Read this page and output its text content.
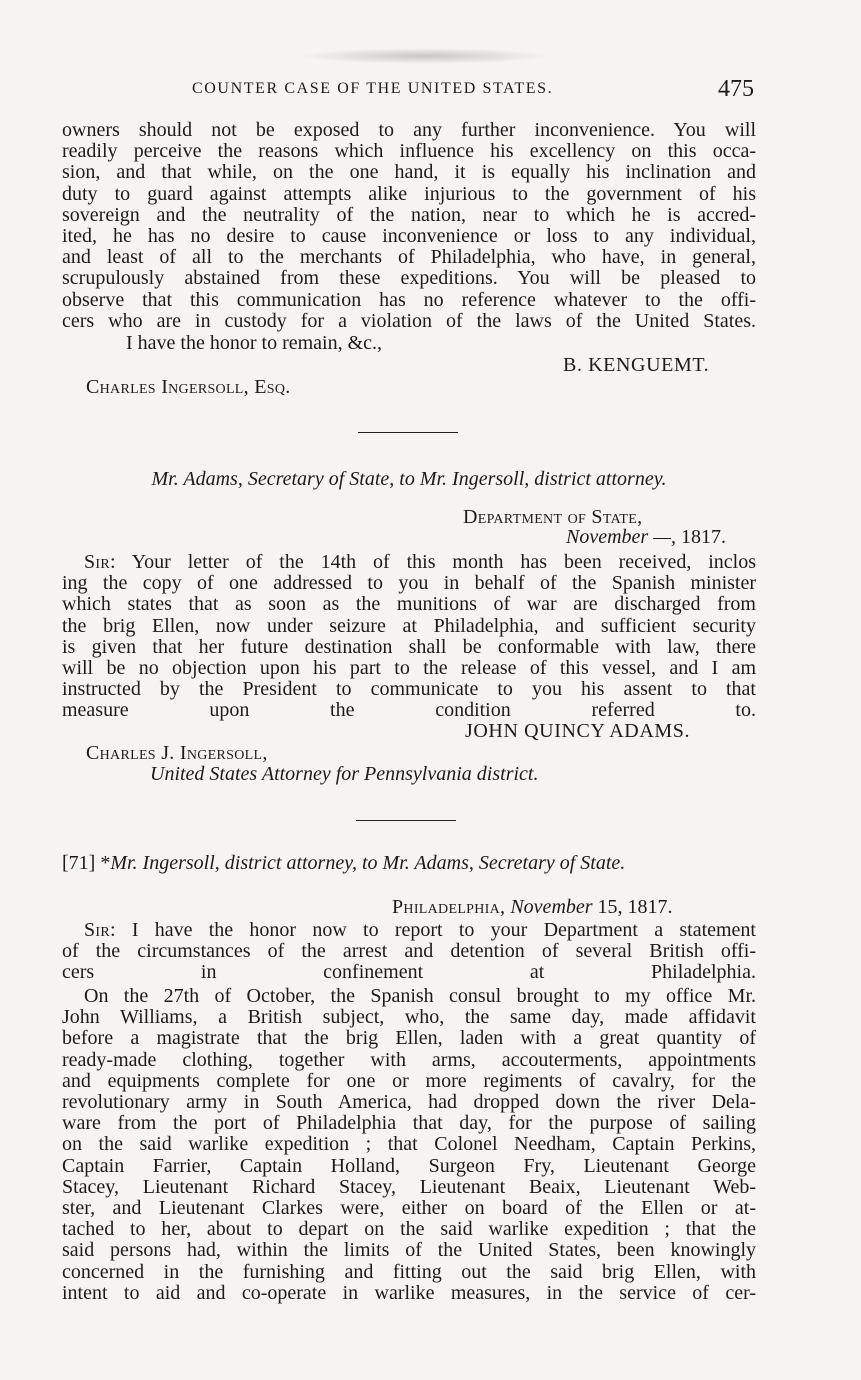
COUNTER CASE OF THE UNITED STATES.	475
owners should not be exposed to any further inconvenience. You will
readily perceive the reasons which influence his excellency on this occa-
sion, and that while, on the one hand, it is equally his inclination and
duty to guard against attempts alike injurious to the government of his
sovereign and the neutrality of the nation, near to which he is accred-
ited, he has no desire to cause inconvenience or loss to any individual,
and least of all to the merchants of Philadelphia, who have, in general,
scrupulously abstained from these expeditions. You will be pleased to
observe that this communication has no reference whatever to the offi-
cers who are in custody for a violation of the laws of the United States.
I have the honor to remain, &c.,
B. KENGUEMT.
Charles Ingersoll, Esq.
Mr. Adams, Secretary of State, to Mr. Ingersoll, district attorney.
Department of State,
November —, 1817.
Sir: Your letter of the 14th of this month has been received, inclos
ing the copy of one addressed to you in behalf of the Spanish minister
which states that as soon as the munitions of war are discharged from
the brig Ellen, now under seizure at Philadelphia, and sufficient security
is given that her future destination shall be conformable with law, there
will be no objection upon his part to the release of this vessel, and I am
instructed by the President to communicate to you his assent to that
measure upon the condition referred to.
JOHN QUINCY ADAMS.
Charles J. Ingersoll,
United States Attorney for Pennsylvania district.
[71] *Mr. Ingersoll, district attorney, to Mr. Adams, Secretary of State.
Philadelphia, November 15, 1817.
Sir: I have the honor now to report to your Department a statement
of the circumstances of the arrest and detention of several British offi-
cers in confinement at Philadelphia.
On the 27th of October, the Spanish consul brought to my office Mr.
John Williams, a British subject, who, the same day, made affidavit
before a magistrate that the brig Ellen, laden with a great quantity of
ready-made clothing, together with arms, accouterments, appointments
and equipments complete for one or more regiments of cavalry, for the
revolutionary army in South America, had dropped down the river Dela-
ware from the port of Philadelphia that day, for the purpose of sailing
on the said warlike expedition ; that Colonel Needham, Captain Perkins,
Captain Farrier, Captain Holland, Surgeon Fry, Lieutenant George
Stacey, Lieutenant Richard Stacey, Lieutenant Beaix, Lieutenant Web-
ster, and Lieutenant Clarkes were, either on board of the Ellen or at-
tached to her, about to depart on the said warlike expedition ; that the
said persons had, within the limits of the United States, been knowingly
concerned in the furnishing and fitting out the said brig Ellen, with
intent to aid and co-operate in warlike measures, in the service of cer-
